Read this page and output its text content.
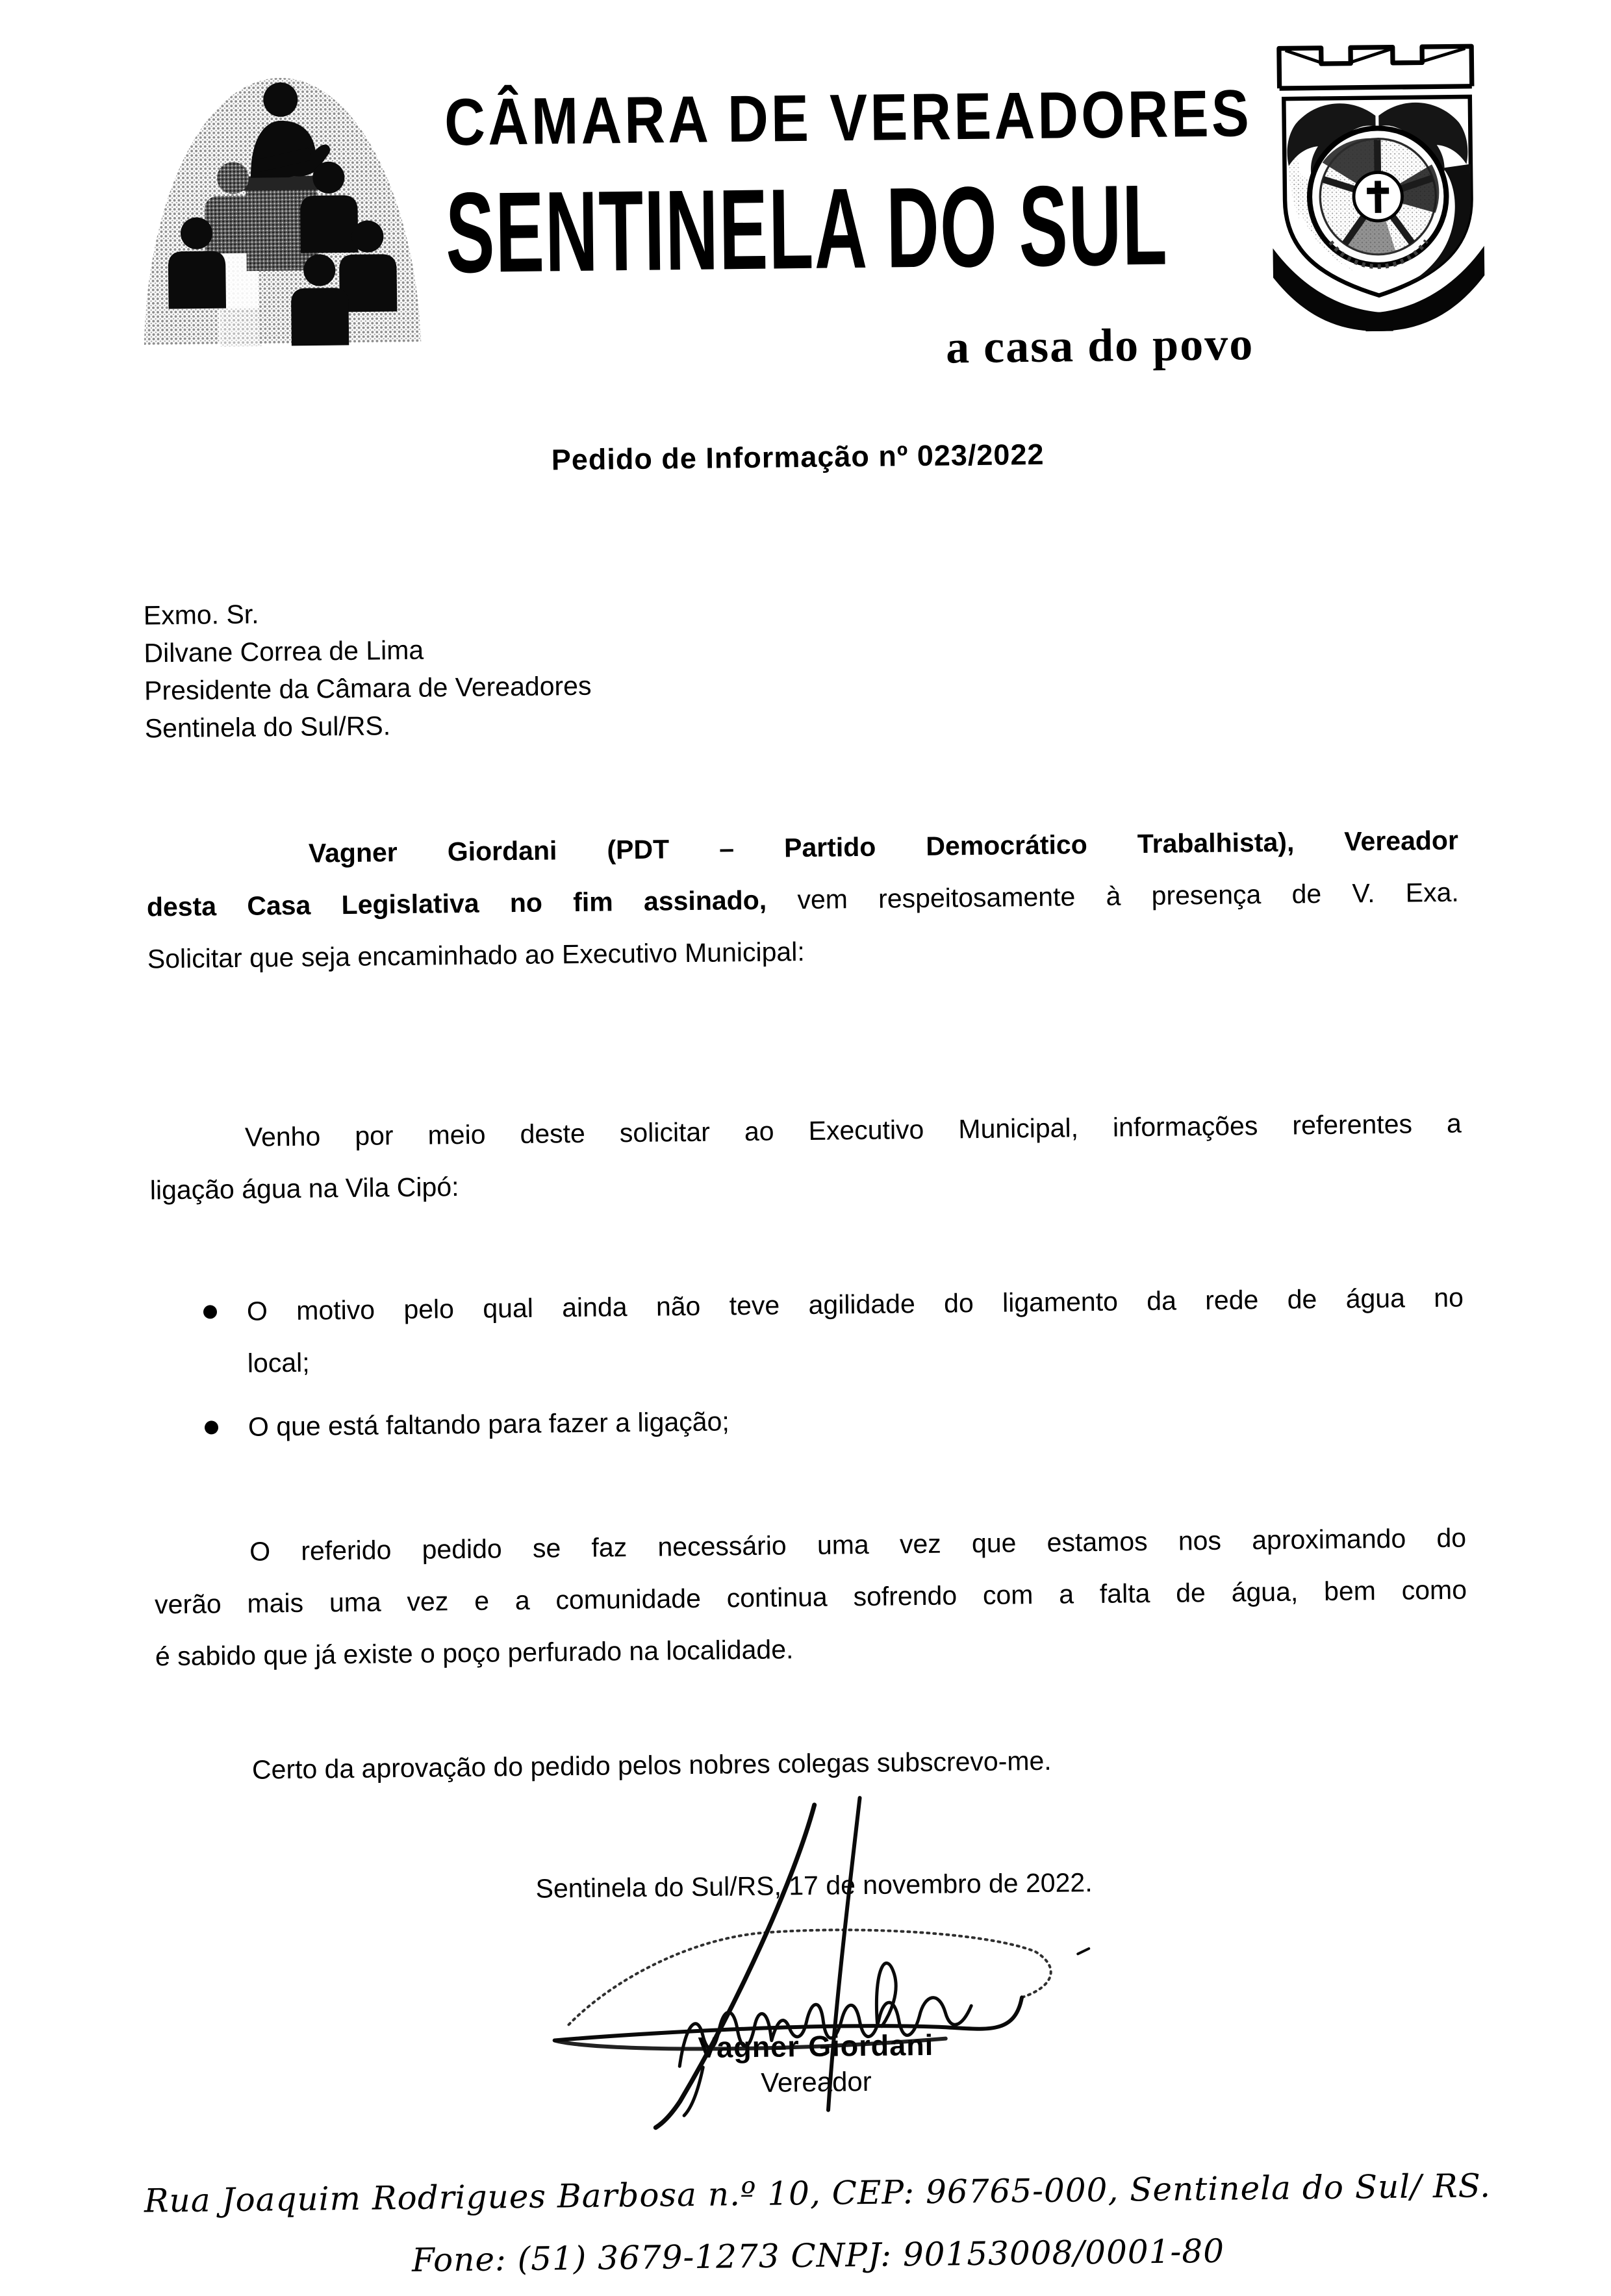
CÂMARA DE VEREADORES
SENTINELA DO SUL
a casa do povo
Pedido de Informação nº 023/2022
Exmo. Sr.
Dilvane Correa de Lima
Presidente da Câmara de Vereadores
Sentinela do Sul/RS.
Vagner Giordani (PDT – Partido Democrático Trabalhista), Vereador
desta Casa Legislativa no fim assinado, vem respeitosamente à presença de V. Exa.
Solicitar que seja encaminhado ao Executivo Municipal:
Venho por meio deste solicitar ao Executivo Municipal, informações referentes a
ligação água na Vila Cipó:
O motivo pelo qual ainda não teve agilidade do ligamento da rede de água no
local;
O que está faltando para fazer a ligação;
O referido pedido se faz necessário uma vez que estamos nos aproximando do
verão mais uma vez e a comunidade continua sofrendo com a falta de água, bem como
é sabido que já existe o poço perfurado na localidade.
Certo da aprovação do pedido pelos nobres colegas subscrevo-me.
Sentinela do Sul/RS, 17 de novembro de 2022.
Vagner Giordani
Vereador
Rua Joaquim Rodrigues Barbosa n.º 10, CEP: 96765-000, Sentinela do Sul/ RS.
Fone: (51) 3679-1273 CNPJ: 90153008/0001-80
